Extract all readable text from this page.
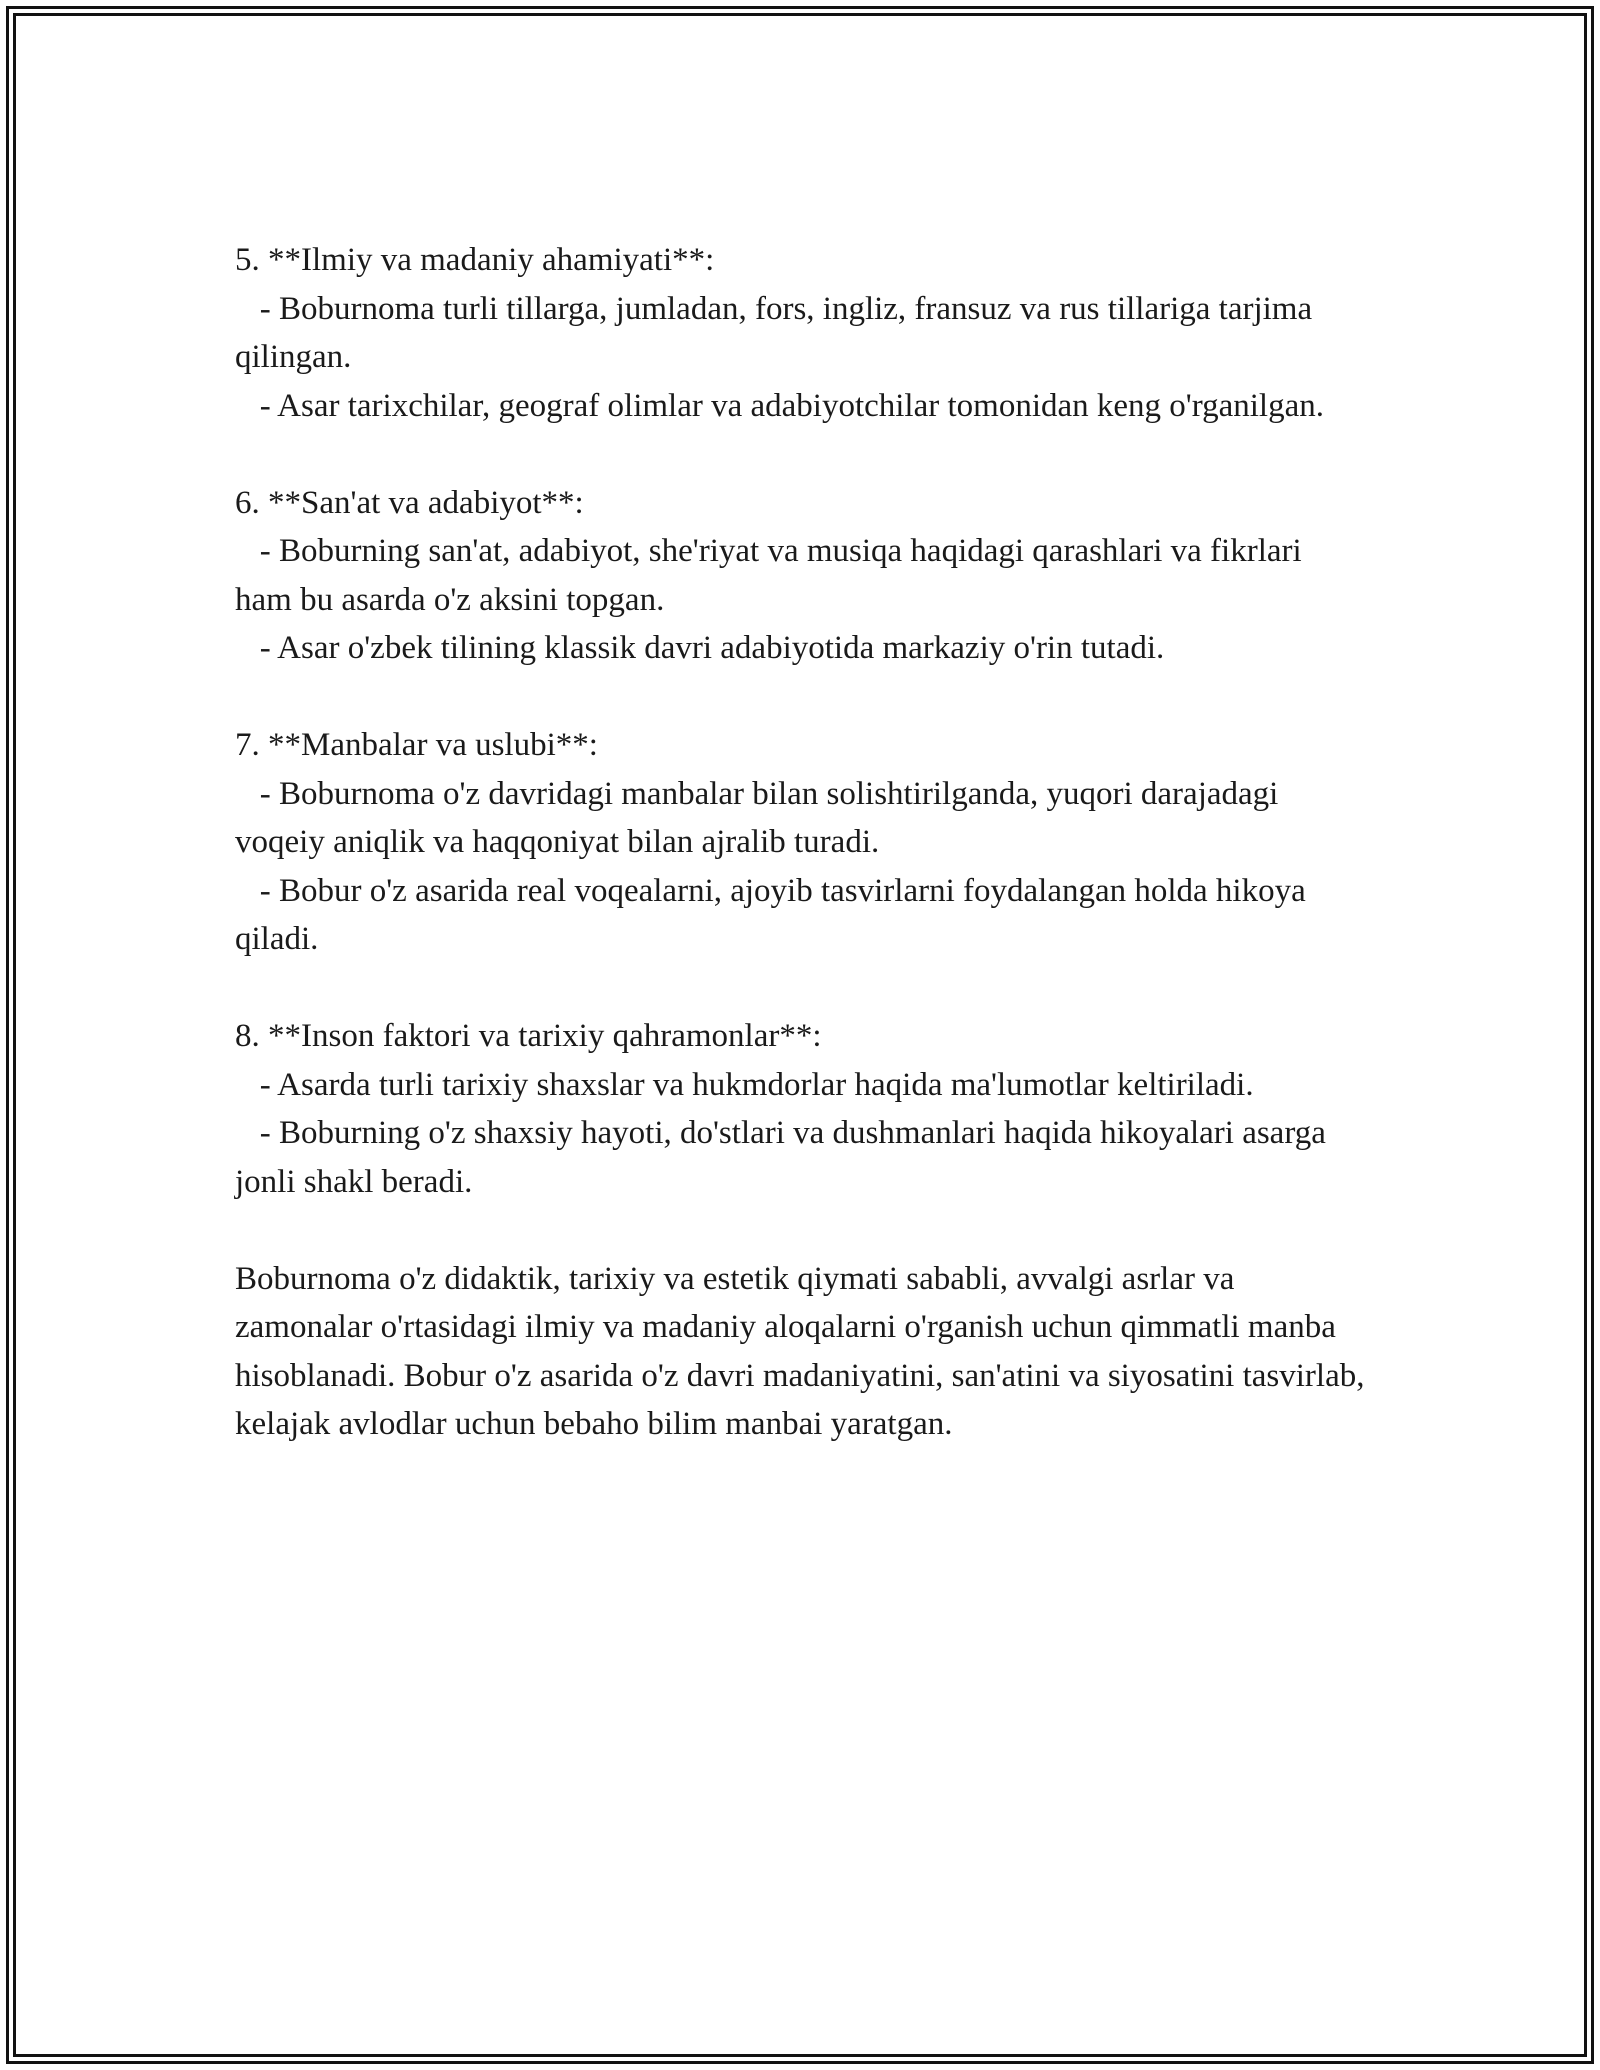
5. **Ilmiy va madaniy ahamiyati**:

- Boburnoma turli tillarga, jumladan, fors, ingliz, fransuz va rus tillariga tarjima qilingan.

- Asar tarixchilar, geograf olimlar va adabiyotchilar tomonidan keng o'rganilgan.

6. **San'at va adabiyot**:

- Boburning san'at, adabiyot, she'riyat va musiqa haqidagi qarashlari va fikrlari ham bu asarda o'z aksini topgan.

- Asar o'zbek tilining klassik davri adabiyotida markaziy o'rin tutadi.

7. **Manbalar va uslubi**:

- Boburnoma o'z davridagi manbalar bilan solishtirilganda, yuqori darajadagi voqeiy aniqlik va haqqoniyat bilan ajralib turadi.

- Bobur o'z asarida real voqealarni, ajoyib tasvirlarni foydalangan holda hikoya qiladi.

8. **Inson faktori va tarixiy qahramonlar**:

- Asarda turli tarixiy shaxslar va hukmdorlar haqida ma'lumotlar keltiriladi.

- Boburning o'z shaxsiy hayoti, do'stlari va dushmanlari haqida hikoyalari asarga jonli shakl beradi.

Boburnoma o'z didaktik, tarixiy va estetik qiymati sababli, avvalgi asrlar va zamonalar o'rtasidagi ilmiy va madaniy aloqalarni o'rganish uchun qimmatli manba hisoblanadi. Bobur o'z asarida o'z davri madaniyatini, san'atini va siyosatini tasvirlab, kelajak avlodlar uchun bebaho bilim manbai yaratgan.
